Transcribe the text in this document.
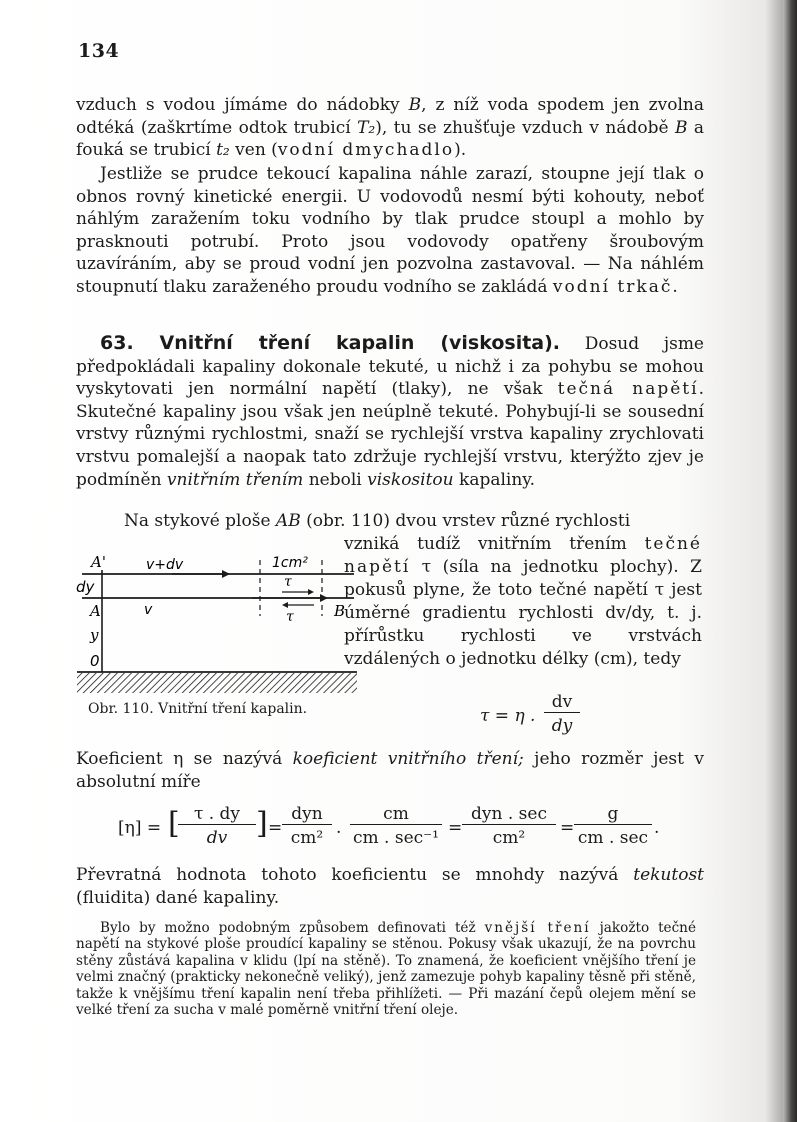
134

vzduch s vodou jímáme do nádobky B, z níž voda spodem jen zvolna odtéká (zaškrtíme odtok trubicí T₂), tu se zhušťuje vzduch v nádobě B a fouká se trubicí t₂ ven (vodní dmychadlo).

Jestliže se prudce tekoucí kapalina náhle zarazí, stoupne její tlak o obnos rovný kinetické energii. U vodovodů nesmí býti kohouty, neboť náhlým zaražením toku vodního by tlak prudce stoupl a mohlo by prasknouti potrubí. Proto jsou vodovody opatřeny šroubovým uzavíráním, aby se proud vodní jen pozvolna zastavoval. — Na náhlém stoupnutí tlaku zaraženého proudu vodního se zakládá vodní trkač.

63. Vnitřní tření kapalin (viskosita). Dosud jsme předpokládali kapaliny dokonale tekuté, u nichž i za pohybu se mohou vyskytovati jen normální napětí (tlaky), ne však tečná napětí. Skutečné kapaliny jsou však jen neúplně tekuté. Pohybují-li se sousední vrstvy různými rychlostmi, snaží se rychlejší vrstva kapaliny zrychlovati vrstvu pomalejší a naopak tato zdržuje rychlejší vrstvu, kterýžto zjev je podmíněn vnitřním třením neboli viskositou kapaliny.

Na stykové ploše AB (obr. 110) dvou vrstev různé rychlosti

vzniká tudíž vnitřním třením tečné napětí τ (síla na jednotku plochy). Z pokusů plyne, že toto tečné napětí τ jest úměrné gradientu rychlosti dv/dy, t. j. přírůstku rychlosti ve vrstvách vzdálených o jednotku délky (cm), tedy

A'	v+dv	1cm²
dy	τ
A	v	τ	B
y
0
Obr. 110. Vnitřní tření kapalin.	τ = η .
dv
dy

Koeficient η se nazývá koeficient vnitřního tření; jeho rozměr jest v absolutní míře

[η] = [ τ . dy
dv ] =
dyn
cm² .
cm
cm . sec⁻¹ =
dyn . sec
cm²	=
g
cm . sec .

Převratná hodnota tohoto koeficientu se mnohdy nazývá tekutost (fluidita) dané kapaliny.

Bylo by možno podobným způsobem definovati též vnější tření jakožto tečné napětí na stykové ploše proudící kapaliny se stěnou. Pokusy však ukazují, že na povrchu stěny zůstává kapalina v klidu (lpí na stěně). To znamená, že koeficient vnějšího tření je velmi značný (prakticky nekonečně veliký), jenž zamezuje pohyb kapaliny těsně při stěně, takže k vnějšímu tření kapalin není třeba přihlížeti. — Při mazání čepů olejem mění se velké tření za sucha v malé poměrně vnitřní tření oleje.
